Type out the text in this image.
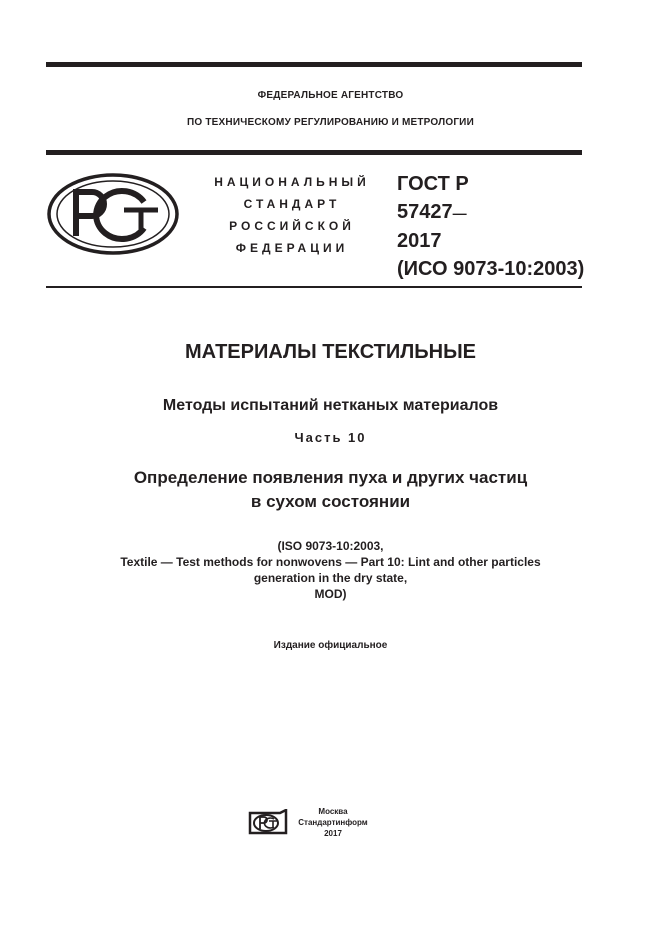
ФЕДЕРАЛЬНОЕ АГЕНТСТВО
ПО ТЕХНИЧЕСКОМУ РЕГУЛИРОВАНИЮ И МЕТРОЛОГИИ
НАЦИОНАЛЬНЫЙ
СТАНДАРТ
РОССИЙСКОЙ
ФЕДЕРАЦИИ
ГОСТ Р
57427—
2017
(ИСО 9073-10:2003)
МАТЕРИАЛЫ ТЕКСТИЛЬНЫЕ
Методы испытаний нетканых материалов
Часть 10
Определение появления пуха и других частиц
в сухом состоянии
(ISO 9073-10:2003,
Textile — Test methods for nonwovens — Part 10: Lint and other particles
generation in the dry state,
MOD)
Издание официальное
Москва
Стандартинформ
2017
